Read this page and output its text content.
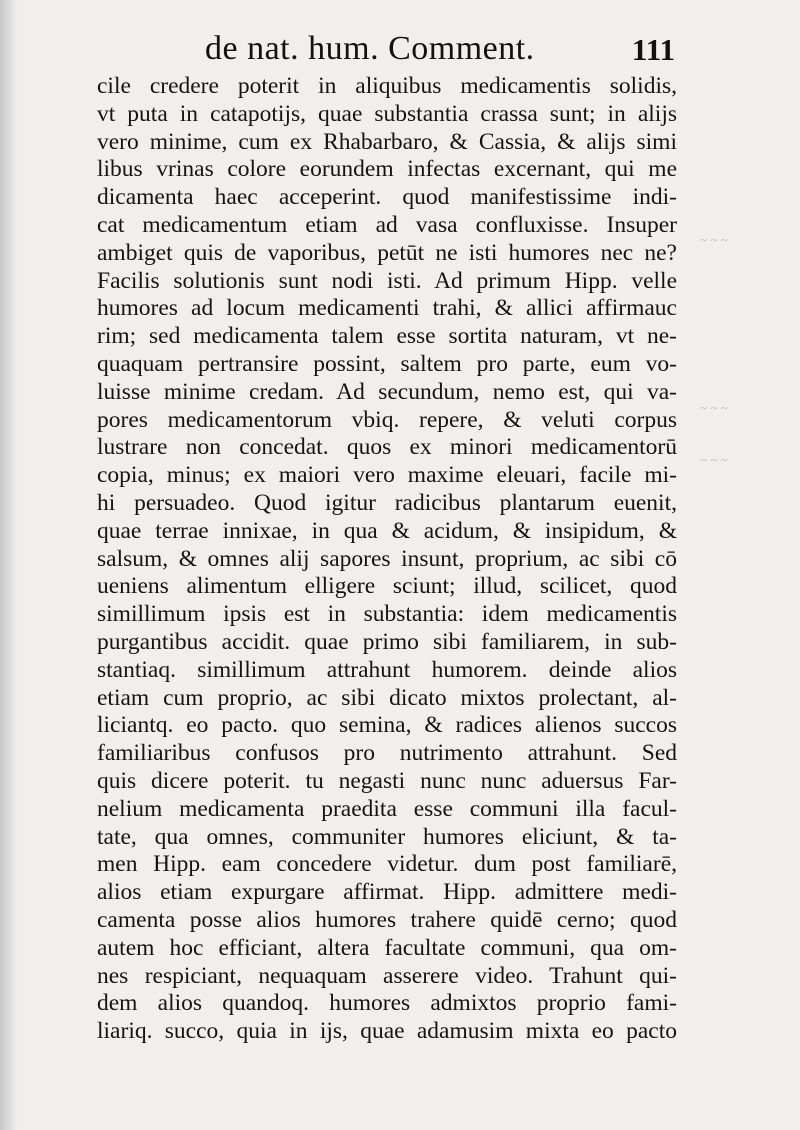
de nat. hum. Comment.	111
cile credere poterit in aliquibus medicamentis solidis,
vt puta in catapotijs, quae substantia crassa sunt; in alijs
vero minime, cum ex Rhabarbaro, & Cassia, & alijs simi
libus vrinas colore eorundem infectas excernant, qui me
dicamenta haec acceperint. quod manifestissime indi-
cat medicamentum etiam ad vasa confluxisse. Insuper
ambiget quis de vaporibus, petūt ne isti humores nec ne?
Facilis solutionis sunt nodi isti. Ad primum Hipp. velle
humores ad locum medicamenti trahi, & allici affirmauc
rim; sed medicamenta talem esse sortita naturam, vt ne-
quaquam pertransire possint, saltem pro parte, eum vo-
luisse minime credam. Ad secundum, nemo est, qui va-
pores medicamentorum vbiq. repere, & veluti corpus
lustrare non concedat. quos ex minori medicamentorū
copia, minus; ex maiori vero maxime eleuari, facile mi-
hi persuadeo. Quod igitur radicibus plantarum euenit,
quae terrae innixae, in qua & acidum, & insipidum, &
salsum, & omnes alij sapores insunt, proprium, ac sibi cō
ueniens alimentum elligere sciunt; illud, scilicet, quod
simillimum ipsis est in substantia: idem medicamentis
purgantibus accidit. quae primo sibi familiarem, in sub-
stantiaq. simillimum attrahunt humorem. deinde alios
etiam cum proprio, ac sibi dicato mixtos prolectant, al-
liciantq. eo pacto. quo semina, & radices alienos succos
familiaribus confusos pro nutrimento attrahunt. Sed
quis dicere poterit. tu negasti nunc nunc aduersus Far-
nelium medicamenta praedita esse communi illa facul-
tate, qua omnes, communiter humores eliciunt, & ta-
men Hipp. eam concedere videtur. dum post familiarē,
alios etiam expurgare affirmat. Hipp. admittere medi-
camenta posse alios humores trahere quidē cerno; quod
autem hoc efficiant, altera facultate communi, qua om-
nes respiciant, nequaquam asserere video. Trahunt qui-
dem alios quandoq. humores admixtos proprio fami-
liariq. succo, quia in ijs, quae adamusim mixta eo pacto
~ ~ ~
~ ~ ~
~ ~ ~
